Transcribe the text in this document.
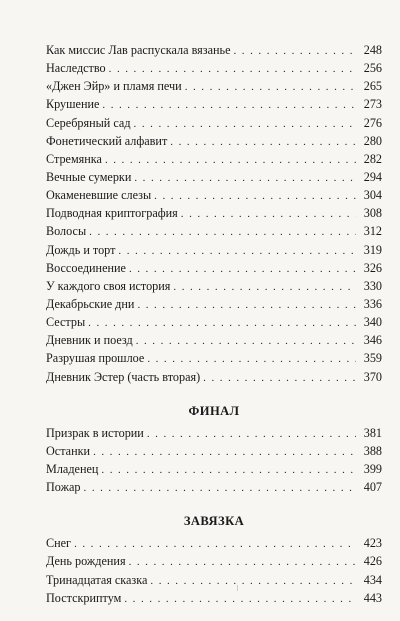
Как миссис Лав распускала вязанье . . .	248
Наследство . . .	256
«Джен Эйр» и пламя печи . . .	265
Крушение . . .	273
Серебряный сад . . .	276
Фонетический алфавит . . .	280
Стремянка . . .	282
Вечные сумерки . . .	294
Окаменевшие слезы . . .	304
Подводная криптография . . .	308
Волосы . . .	312
Дождь и торт . . .	319
Воссоединение . . .	326
У каждого своя история . . .	330
Декабрьские дни . . .	336
Сестры . . .	340
Дневник и поезд . . .	346
Разрушая прошлое . . .	359
Дневник Эстер (часть вторая) . . .	370
ФИНАЛ
Призрак в истории . . .	381
Останки . . .	388
Младенец . . .	399
Пожар . . .	407
ЗАВЯЗКА
Снег . . .	423
День рождения . . .	426
Тринадцатая сказка . . .	434
Постскриптум . . .	443
